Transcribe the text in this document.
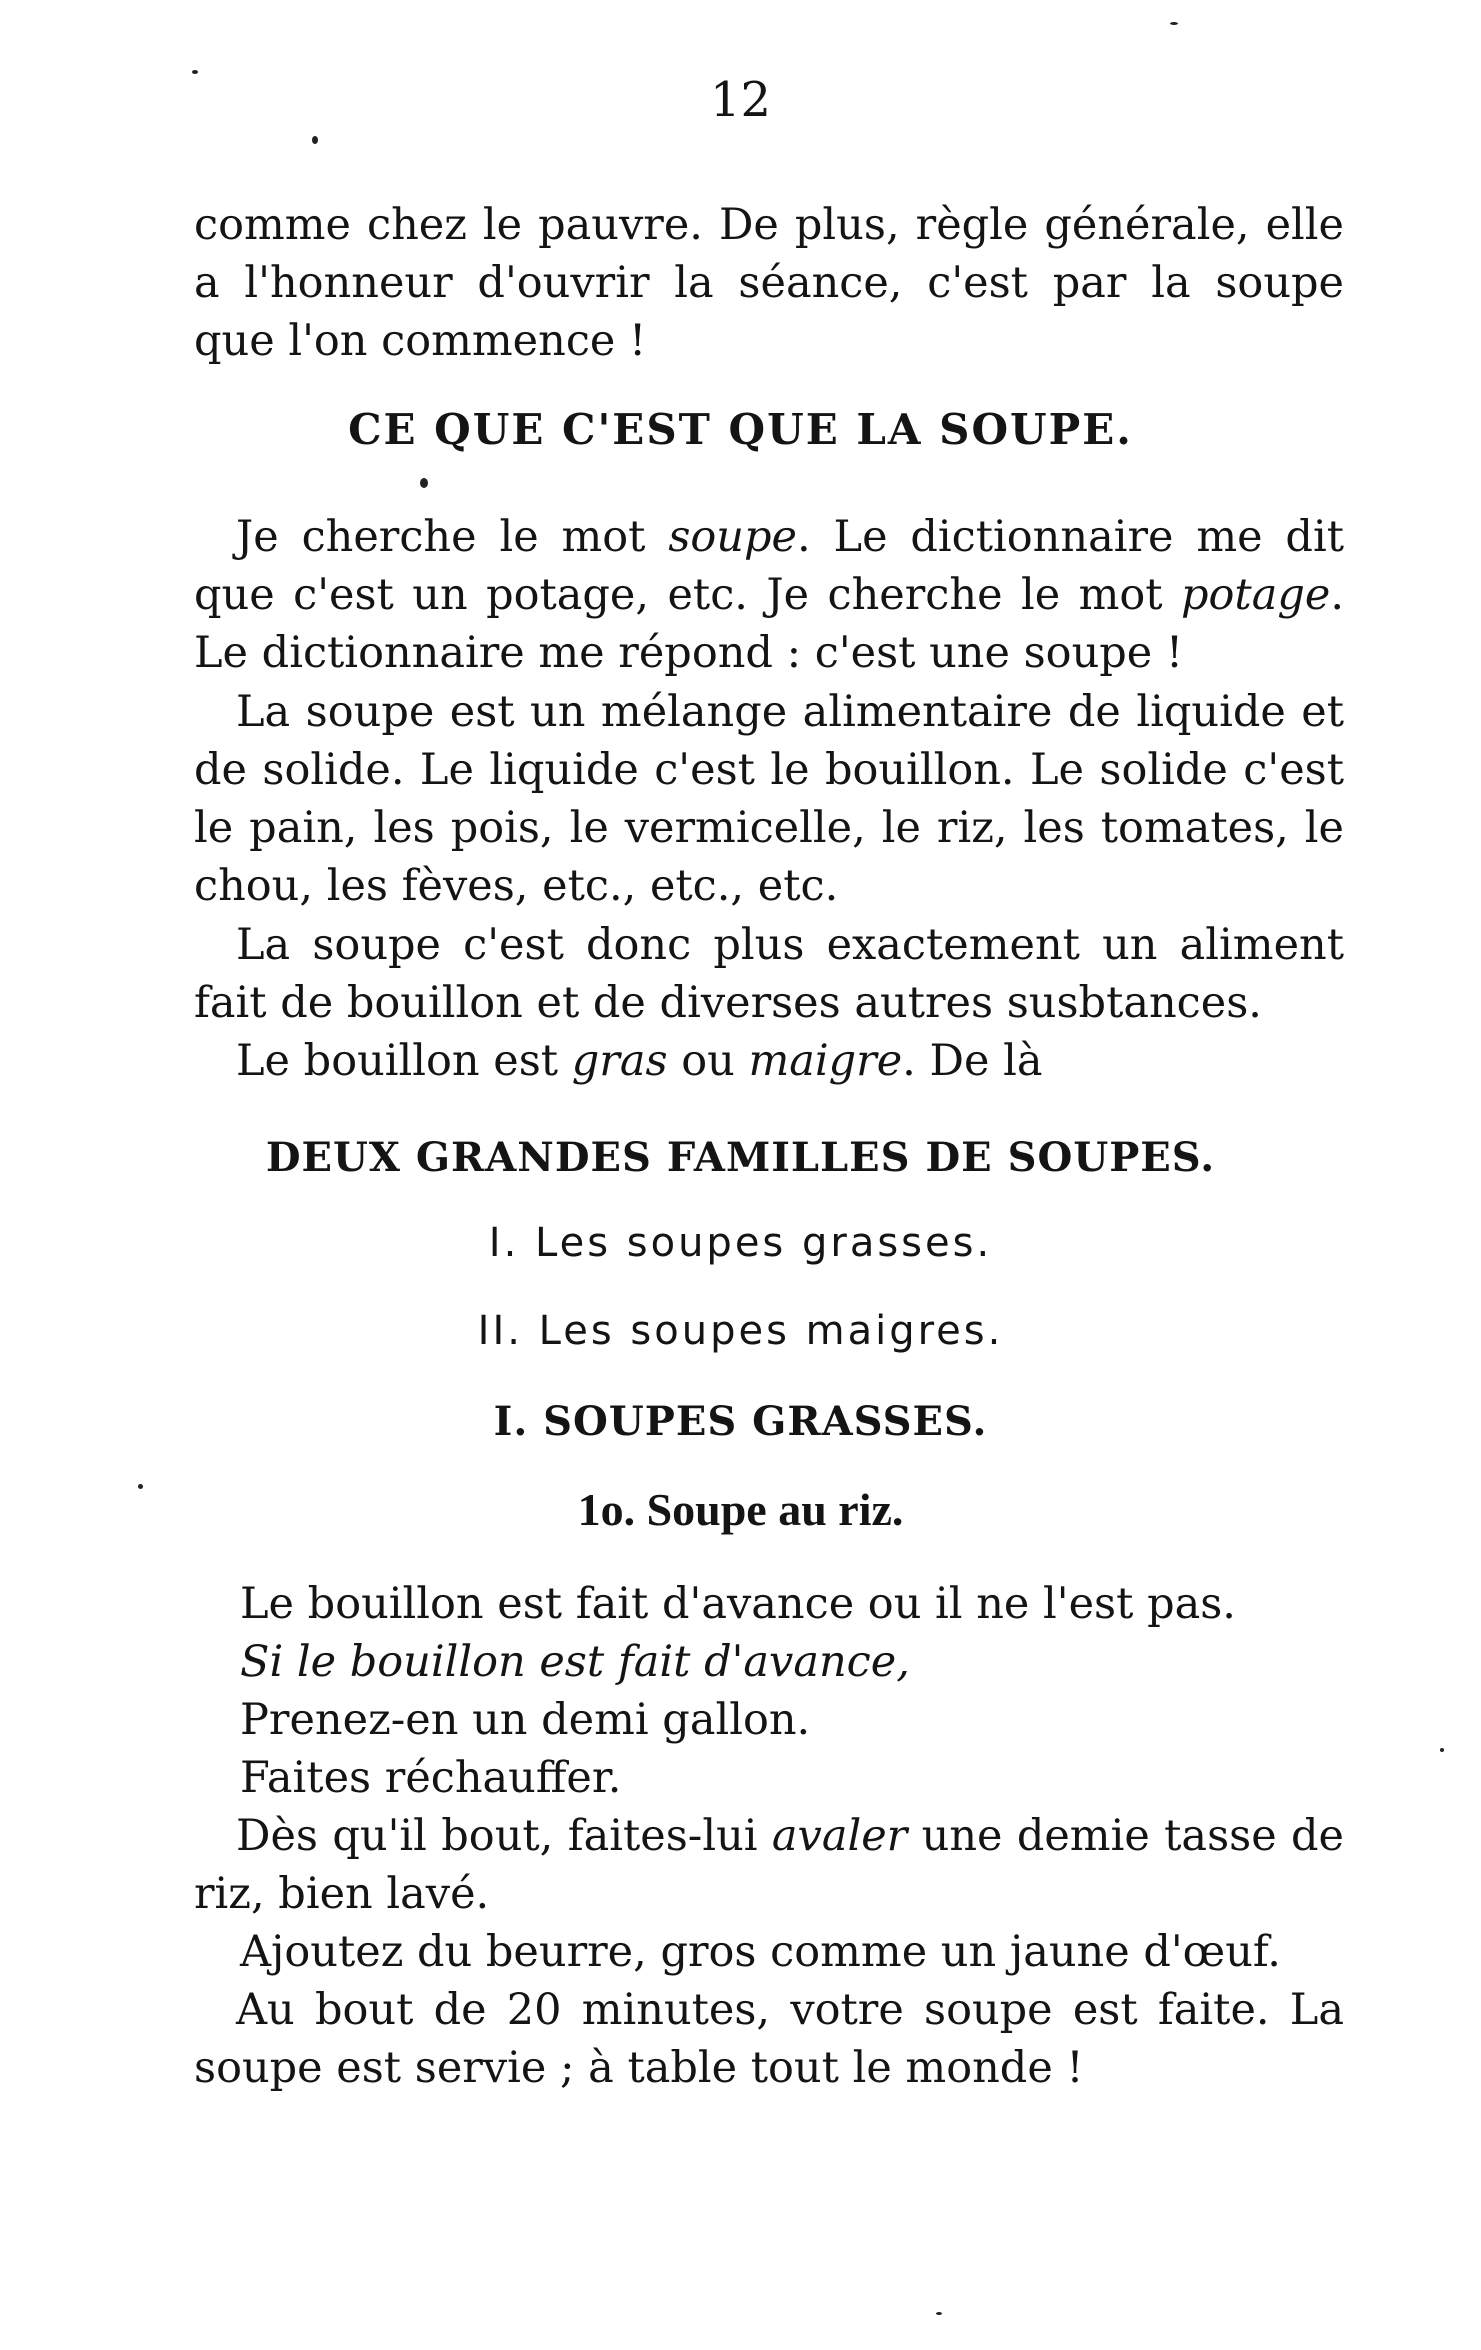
12

comme chez le pauvre. De plus, règle générale, elle a l'honneur d'ouvrir la séance, c'est par la soupe que l'on commence !

CE QUE C'EST QUE LA SOUPE.

Je cherche le mot soupe. Le dictionnaire me dit que c'est un potage, etc. Je cherche le mot potage. Le dictionnaire me répond : c'est une soupe !

La soupe est un mélange alimentaire de liquide et de solide. Le liquide c'est le bouillon. Le solide c'est le pain, les pois, le vermicelle, le riz, les tomates, le chou, les fèves, etc., etc., etc.

La soupe c'est donc plus exactement un aliment fait de bouillon et de diverses autres susbtances.

Le bouillon est gras ou maigre. De là

DEUX GRANDES FAMILLES DE SOUPES.

I. Les soupes grasses.

II. Les soupes maigres.

I. SOUPES GRASSES.
1o. Soupe au riz.

Le bouillon est fait d'avance ou il ne l'est pas.

Si le bouillon est fait d'avance,

Prenez-en un demi gallon.

Faites réchauffer.

Dès qu'il bout, faites-lui avaler une demie tasse de riz, bien lavé.

Ajoutez du beurre, gros comme un jaune d'œuf.

Au bout de 20 minutes, votre soupe est faite. La soupe est servie ; à table tout le monde !
